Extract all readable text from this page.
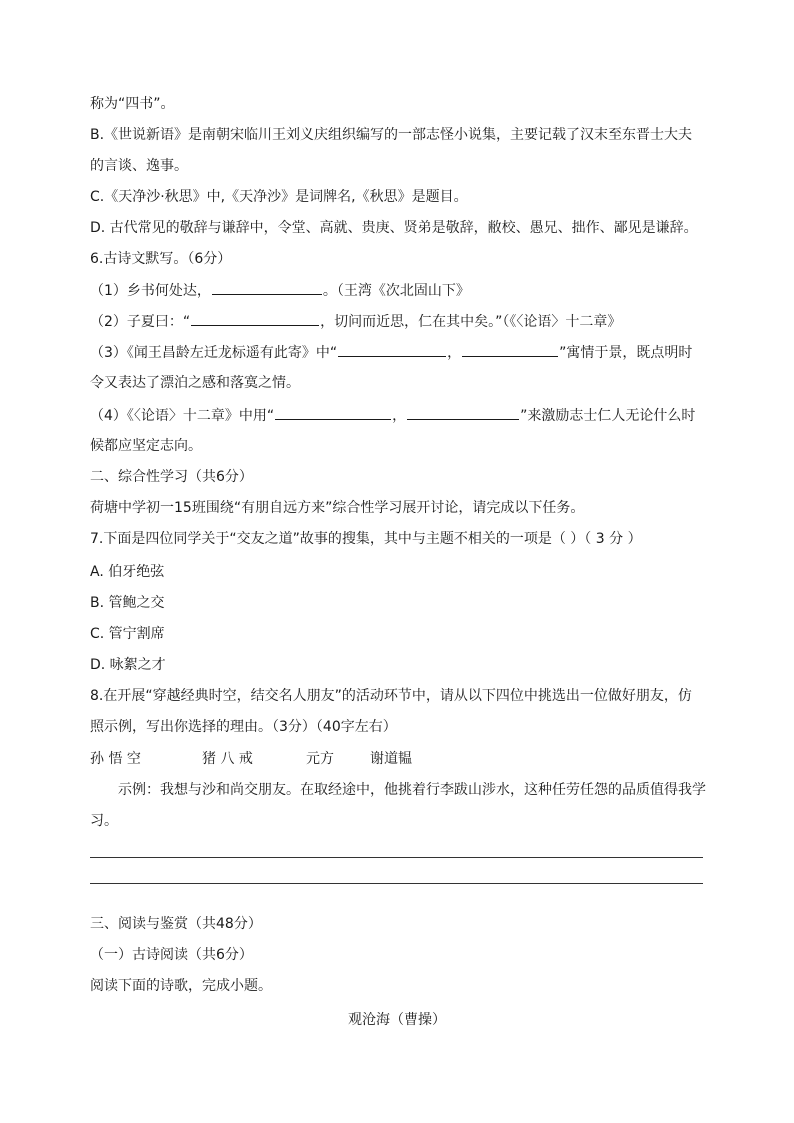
称为“四书”。
B.《世说新语》是南朝宋临川王刘义庆组织编写的一部志怪小说集，主要记载了汉末至东晋士大夫
的言谈、逸事。
C.《天净沙·秋思》中,《天净沙》是词牌名,《秋思》是题目。
D. 古代常见的敬辞与谦辞中，令堂、高就、贵庚、贤弟是敬辞，敝校、愚兄、拙作、鄙见是谦辞。
6.古诗文默写。（6分）
（1）乡书何处达，	。（王湾《次北固山下》
（2）子夏曰：“	，切问而近思，仁在其中矣。”（《〈论语〉十二章》
（3）《闻王昌龄左迁龙标遥有此寄》中“	，	”寓情于景，既点明时
令又表达了漂泊之感和落寞之情。
（4）《〈论语〉十二章》中用“	，	”来激励志士仁人无论什么时
候都应坚定志向。
二、综合性学习（共6分）
荷塘中学初一15班围绕“有朋自远方来”综合性学习展开讨论，请完成以下任务。
7.下面是四位同学关于“交友之道”故事的搜集，其中与主题不相关的一项是（ ）（ 3 分 ）
A. 伯牙绝弦
B. 管鲍之交
C. 管宁割席
D. 咏絮之才
8.在开展“穿越经典时空，结交名人朋友”的活动环节中，请从以下四位中挑选出一位做好朋友，仿
照示例，写出你选择的理由。（3分）（40字左右）
孙 悟 空	猪 八 戒	元方	谢道韫
示例：我想与沙和尚交朋友。在取经途中，他挑着行李跋山涉水，这种任劳任怨的品质值得我学
习。
三、阅读与鉴赏（共48分）
（一）古诗阅读（共6分）
阅读下面的诗歌，完成小题。
观沧海（曹操）
